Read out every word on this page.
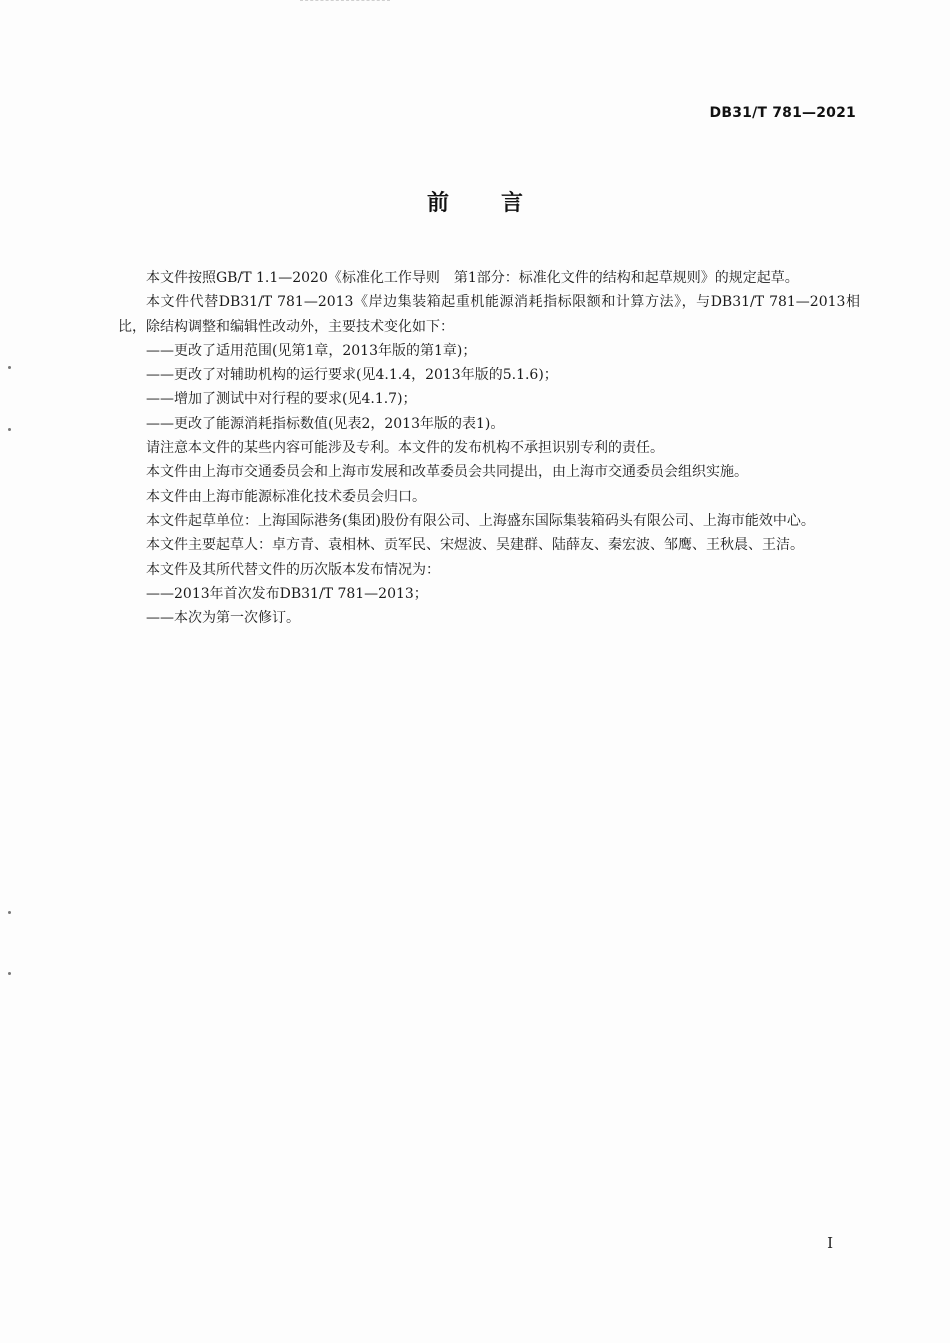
DB31/T 781—2021
前言

本文件按照GB/T 1.1—2020《标准化工作导则　第1部分：标准化文件的结构和起草规则》的规定起草。

本文件代替DB31/T 781—2013《岸边集装箱起重机能源消耗指标限额和计算方法》，与DB31/T 781—2013相比，除结构调整和编辑性改动外，主要技术变化如下：

——更改了适用范围(见第1章，2013年版的第1章)；

——更改了对辅助机构的运行要求(见4.1.4，2013年版的5.1.6)；

——增加了测试中对行程的要求(见4.1.7)；

——更改了能源消耗指标数值(见表2，2013年版的表1)。

请注意本文件的某些内容可能涉及专利。本文件的发布机构不承担识别专利的责任。

本文件由上海市交通委员会和上海市发展和改革委员会共同提出，由上海市交通委员会组织实施。

本文件由上海市能源标准化技术委员会归口。

本文件起草单位：上海国际港务(集团)股份有限公司、上海盛东国际集装箱码头有限公司、上海市能效中心。

本文件主要起草人：卓方青、袁相林、贡军民、宋煜波、吴建群、陆薛友、秦宏波、邹鹰、王秋晨、王洁。

本文件及其所代替文件的历次版本发布情况为：

——2013年首次发布DB31/T 781—2013；

——本次为第一次修订。

I
